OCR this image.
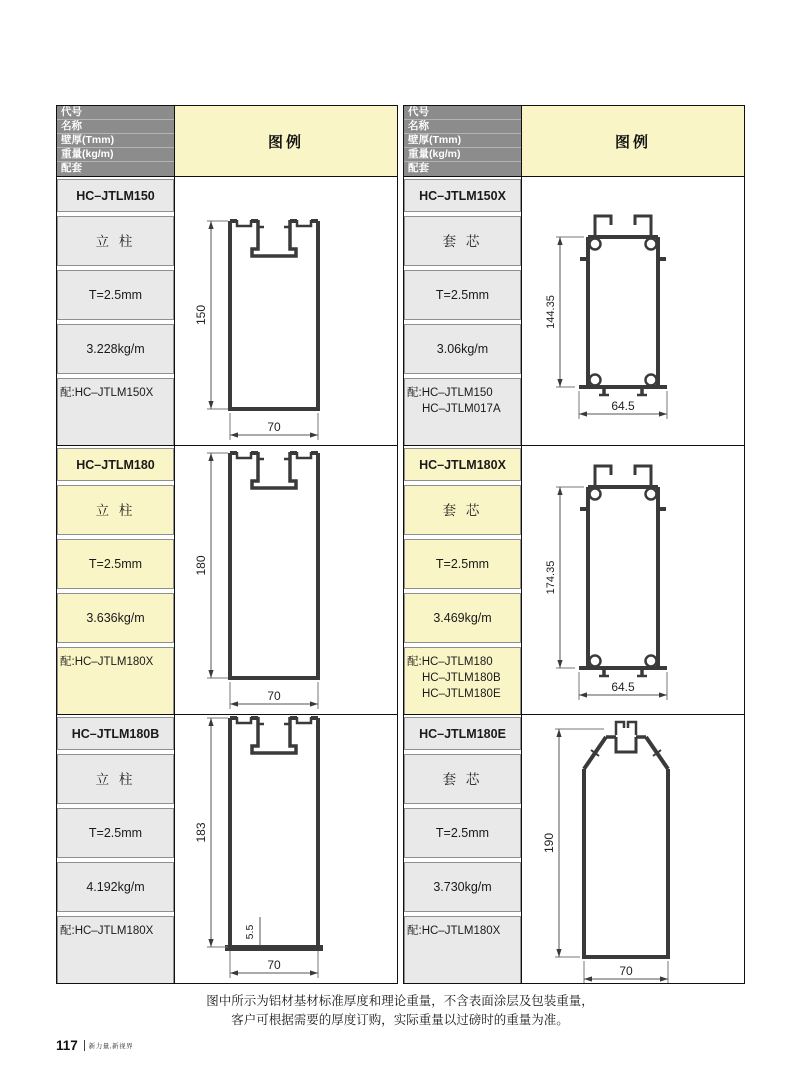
代号
名称
壁厚(Tmm)
重量(kg/m)
配套
图例
HC–JTLM150
立 柱
T=2.5mm
3.228kg/m
配:HC–JTLM150X
150
70
HC–JTLM180
立 柱
T=2.5mm
3.636kg/m
配:HC–JTLM180X
180
70
HC–JTLM180B
立 柱
T=2.5mm
4.192kg/m
配:HC–JTLM180X
183
70
5.5
代号
名称
壁厚(Tmm)
重量(kg/m)
配套
图例
HC–JTLM150X
套 芯
T=2.5mm
3.06kg/m
配:HC–JTLM150
HC–JTLM017A
144.35
64.5
HC–JTLM180X
套 芯
T=2.5mm
3.469kg/m
配:HC–JTLM180
HC–JTLM180B
HC–JTLM180E
174.35
64.5
HC–JTLM180E
套 芯
T=2.5mm
3.730kg/m
配:HC–JTLM180X
190
70
图中所示为铝材基材标准厚度和理论重量，不含表面涂层及包装重量，
客户可根据需要的厚度订购，实际重量以过磅时的重量为准。
117 新力量,新视界
